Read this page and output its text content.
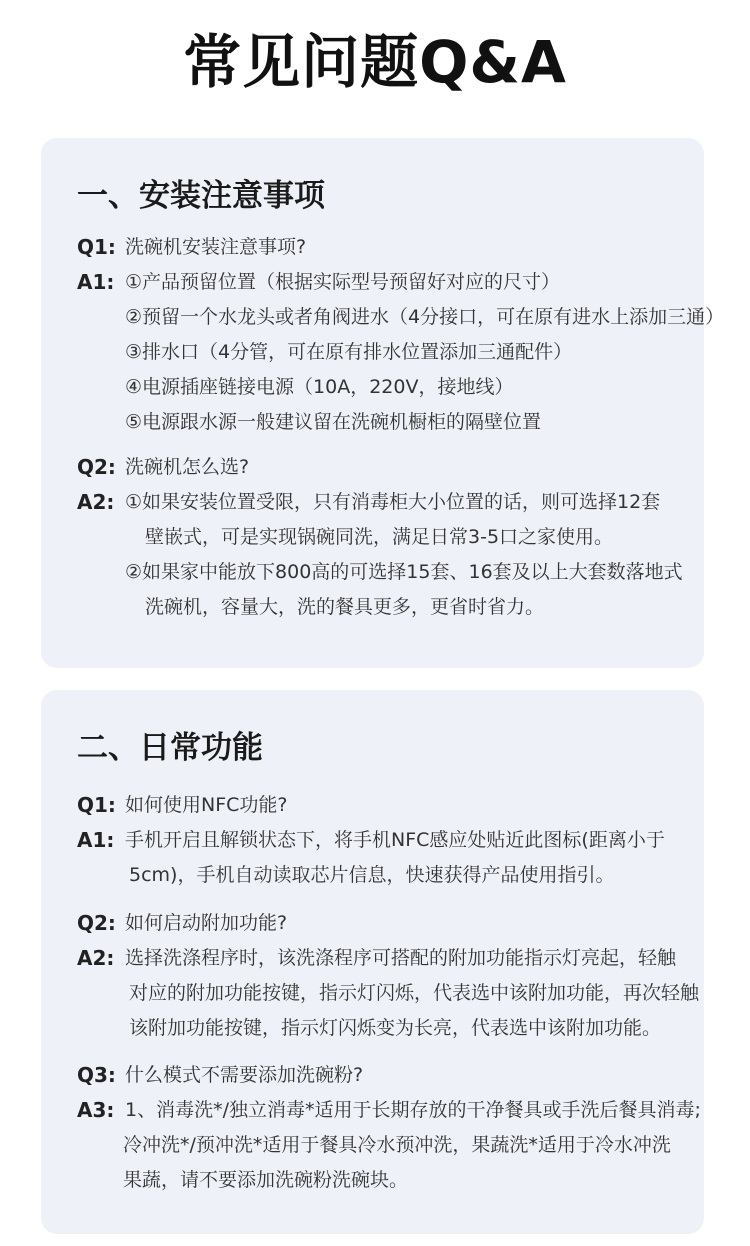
常见问题Q&A
一、安装注意事项
Q1: 洗碗机安装注意事项?
A1: ①产品预留位置（根据实际型号预留好对应的尺寸）
②预留一个水龙头或者角阀进水（4分接口，可在原有进水上添加三通）
③排水口（4分管，可在原有排水位置添加三通配件）
④电源插座链接电源（10A，220V，接地线）
⑤电源跟水源一般建议留在洗碗机橱柜的隔壁位置
Q2: 洗碗机怎么选?
A2: ①如果安装位置受限，只有消毒柜大小位置的话，则可选择12套
壁嵌式，可是实现锅碗同洗，满足日常3-5口之家使用。
②如果家中能放下800高的可选择15套、16套及以上大套数落地式
洗碗机，容量大，洗的餐具更多，更省时省力。
二、日常功能
Q1: 如何使用NFC功能?
A1: 手机开启且解锁状态下，将手机NFC感应处贴近此图标(距离小于
5cm)，手机自动读取芯片信息，快速获得产品使用指引。
Q2: 如何启动附加功能?
A2: 选择洗涤程序时，该洗涤程序可搭配的附加功能指示灯亮起，轻触
对应的附加功能按键，指示灯闪烁，代表选中该附加功能，再次轻触
该附加功能按键，指示灯闪烁变为长亮，代表选中该附加功能。
Q3: 什么模式不需要添加洗碗粉?
A3: 1、消毒洗*/独立消毒*适用于长期存放的干净餐具或手洗后餐具消毒;
冷冲洗*/预冲洗*适用于餐具冷水预冲洗，果蔬洗*适用于冷水冲洗
果蔬，请不要添加洗碗粉洗碗块。
